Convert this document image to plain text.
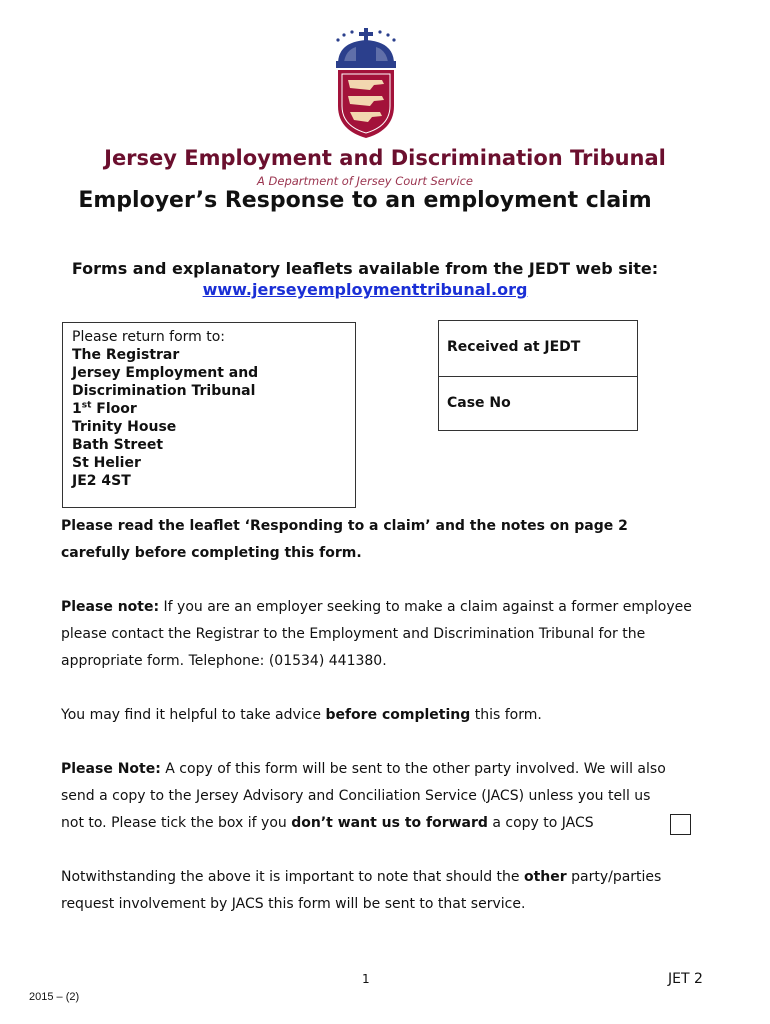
Jersey Employment and Discrimination Tribunal
A Department of Jersey Court Service
Employer’s Response to an employment claim
Forms and explanatory leaflets available from the JEDT web site:
www.jerseyemploymenttribunal.org
Please return form to:
The Registrar
Jersey Employment and
Discrimination Tribunal
1st Floor
Trinity House
Bath Street
St Helier
JE2 4ST
Received at JEDT
Case No
Please read the leaflet ‘Responding to a claim’ and the notes on page 2 carefully before completing this form.
Please note: If you are an employer seeking to make a claim against a former employee please contact the Registrar to the Employment and Discrimination Tribunal for the appropriate form. Telephone: (01534) 441380.
You may find it helpful to take advice before completing this form.
Please Note: A copy of this form will be sent to the other party involved. We will also send a copy to the Jersey Advisory and Conciliation Service (JACS) unless you tell us not to. Please tick the box if you don’t want us to forward a copy to JACS
Notwithstanding the above it is important to note that should the other party/parties request involvement by JACS this form will be sent to that service.
1	JET 2
2015 – (2)
